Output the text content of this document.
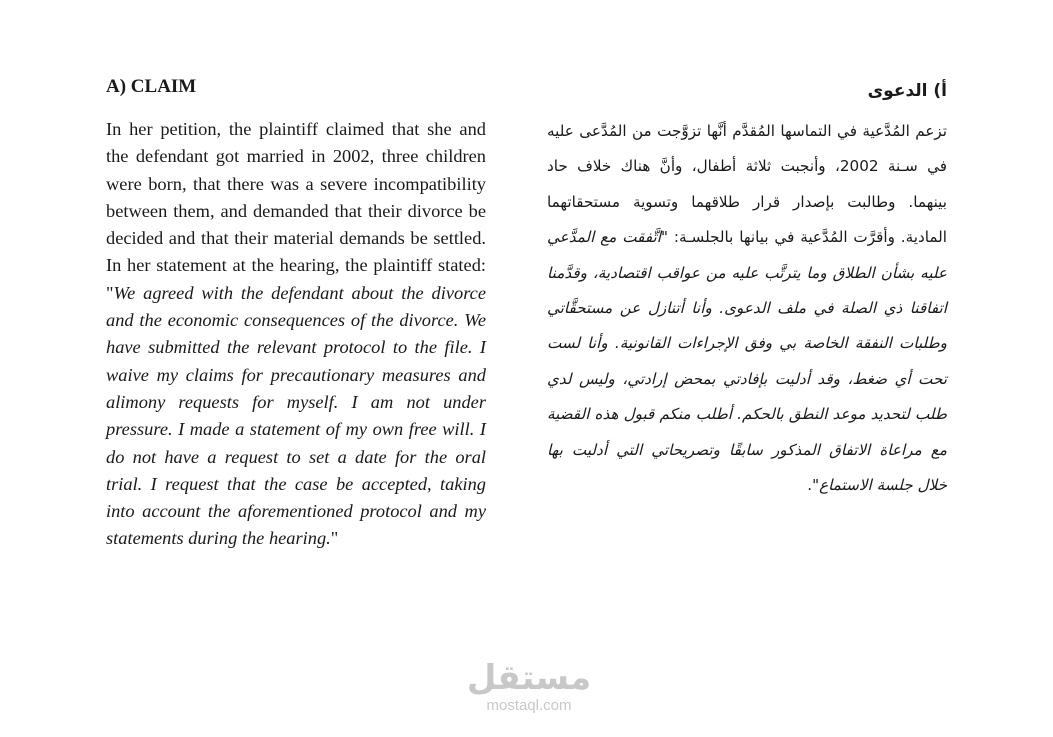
A) CLAIM

In her petition, the plaintiff claimed that she and the defendant got married in 2002, three children were born, that there was a severe incompatibility between them, and demanded that their divorce be decided and that their material demands be settled. In her statement at the hearing, the plaintiff stated: "We agreed with the defendant about the divorce and the economic consequences of the divorce. We have submitted the relevant protocol to the file. I waive my claims for precautionary measures and alimony requests for myself. I am not under pressure. I made a statement of my own free will. I do not have a request to set a date for the oral trial. I request that the case be accepted, taking into account the aforementioned protocol and my statements during the hearing."

أ) الدعوى

تزعم المُدَّعية في التماسها المُقدَّم أنَّها تزوَّجت من المُدَّعى عليه في سـنة 2002، وأنجبت ثلاثة أطفال، وأنَّ هناك خلاف حاد بينهما. وطالبت بإصدار قرار طلاقهما وتسوية مستحقاتهما المادية. وأقرَّت المُدَّعية في بيانها بالجلسـة: "اتَّفقت مع المدَّعي عليه بشأن الطلاق وما يترتَّب عليه من عواقب اقتصادية، وقدَّمنا اتفاقنا ذي الصلة في ملف الدعوى. وأنا أتنازل عن مستحقَّاتي وطلبات النفقة الخاصة بي وفق الإجراءات القانونية. وأنا لست تحت أي ضغط، وقد أدليت بإفادتي بمحض إرادتي، وليس لدي طلب لتحديد موعد النطق بالحكم. أطلب منكم قبول هذه القضية مع مراعاة الاتفاق المذكور سابقًا وتصريحاتي التي أدليت بها خلال جلسة الاستماع".

مستقل
mostaql.com
